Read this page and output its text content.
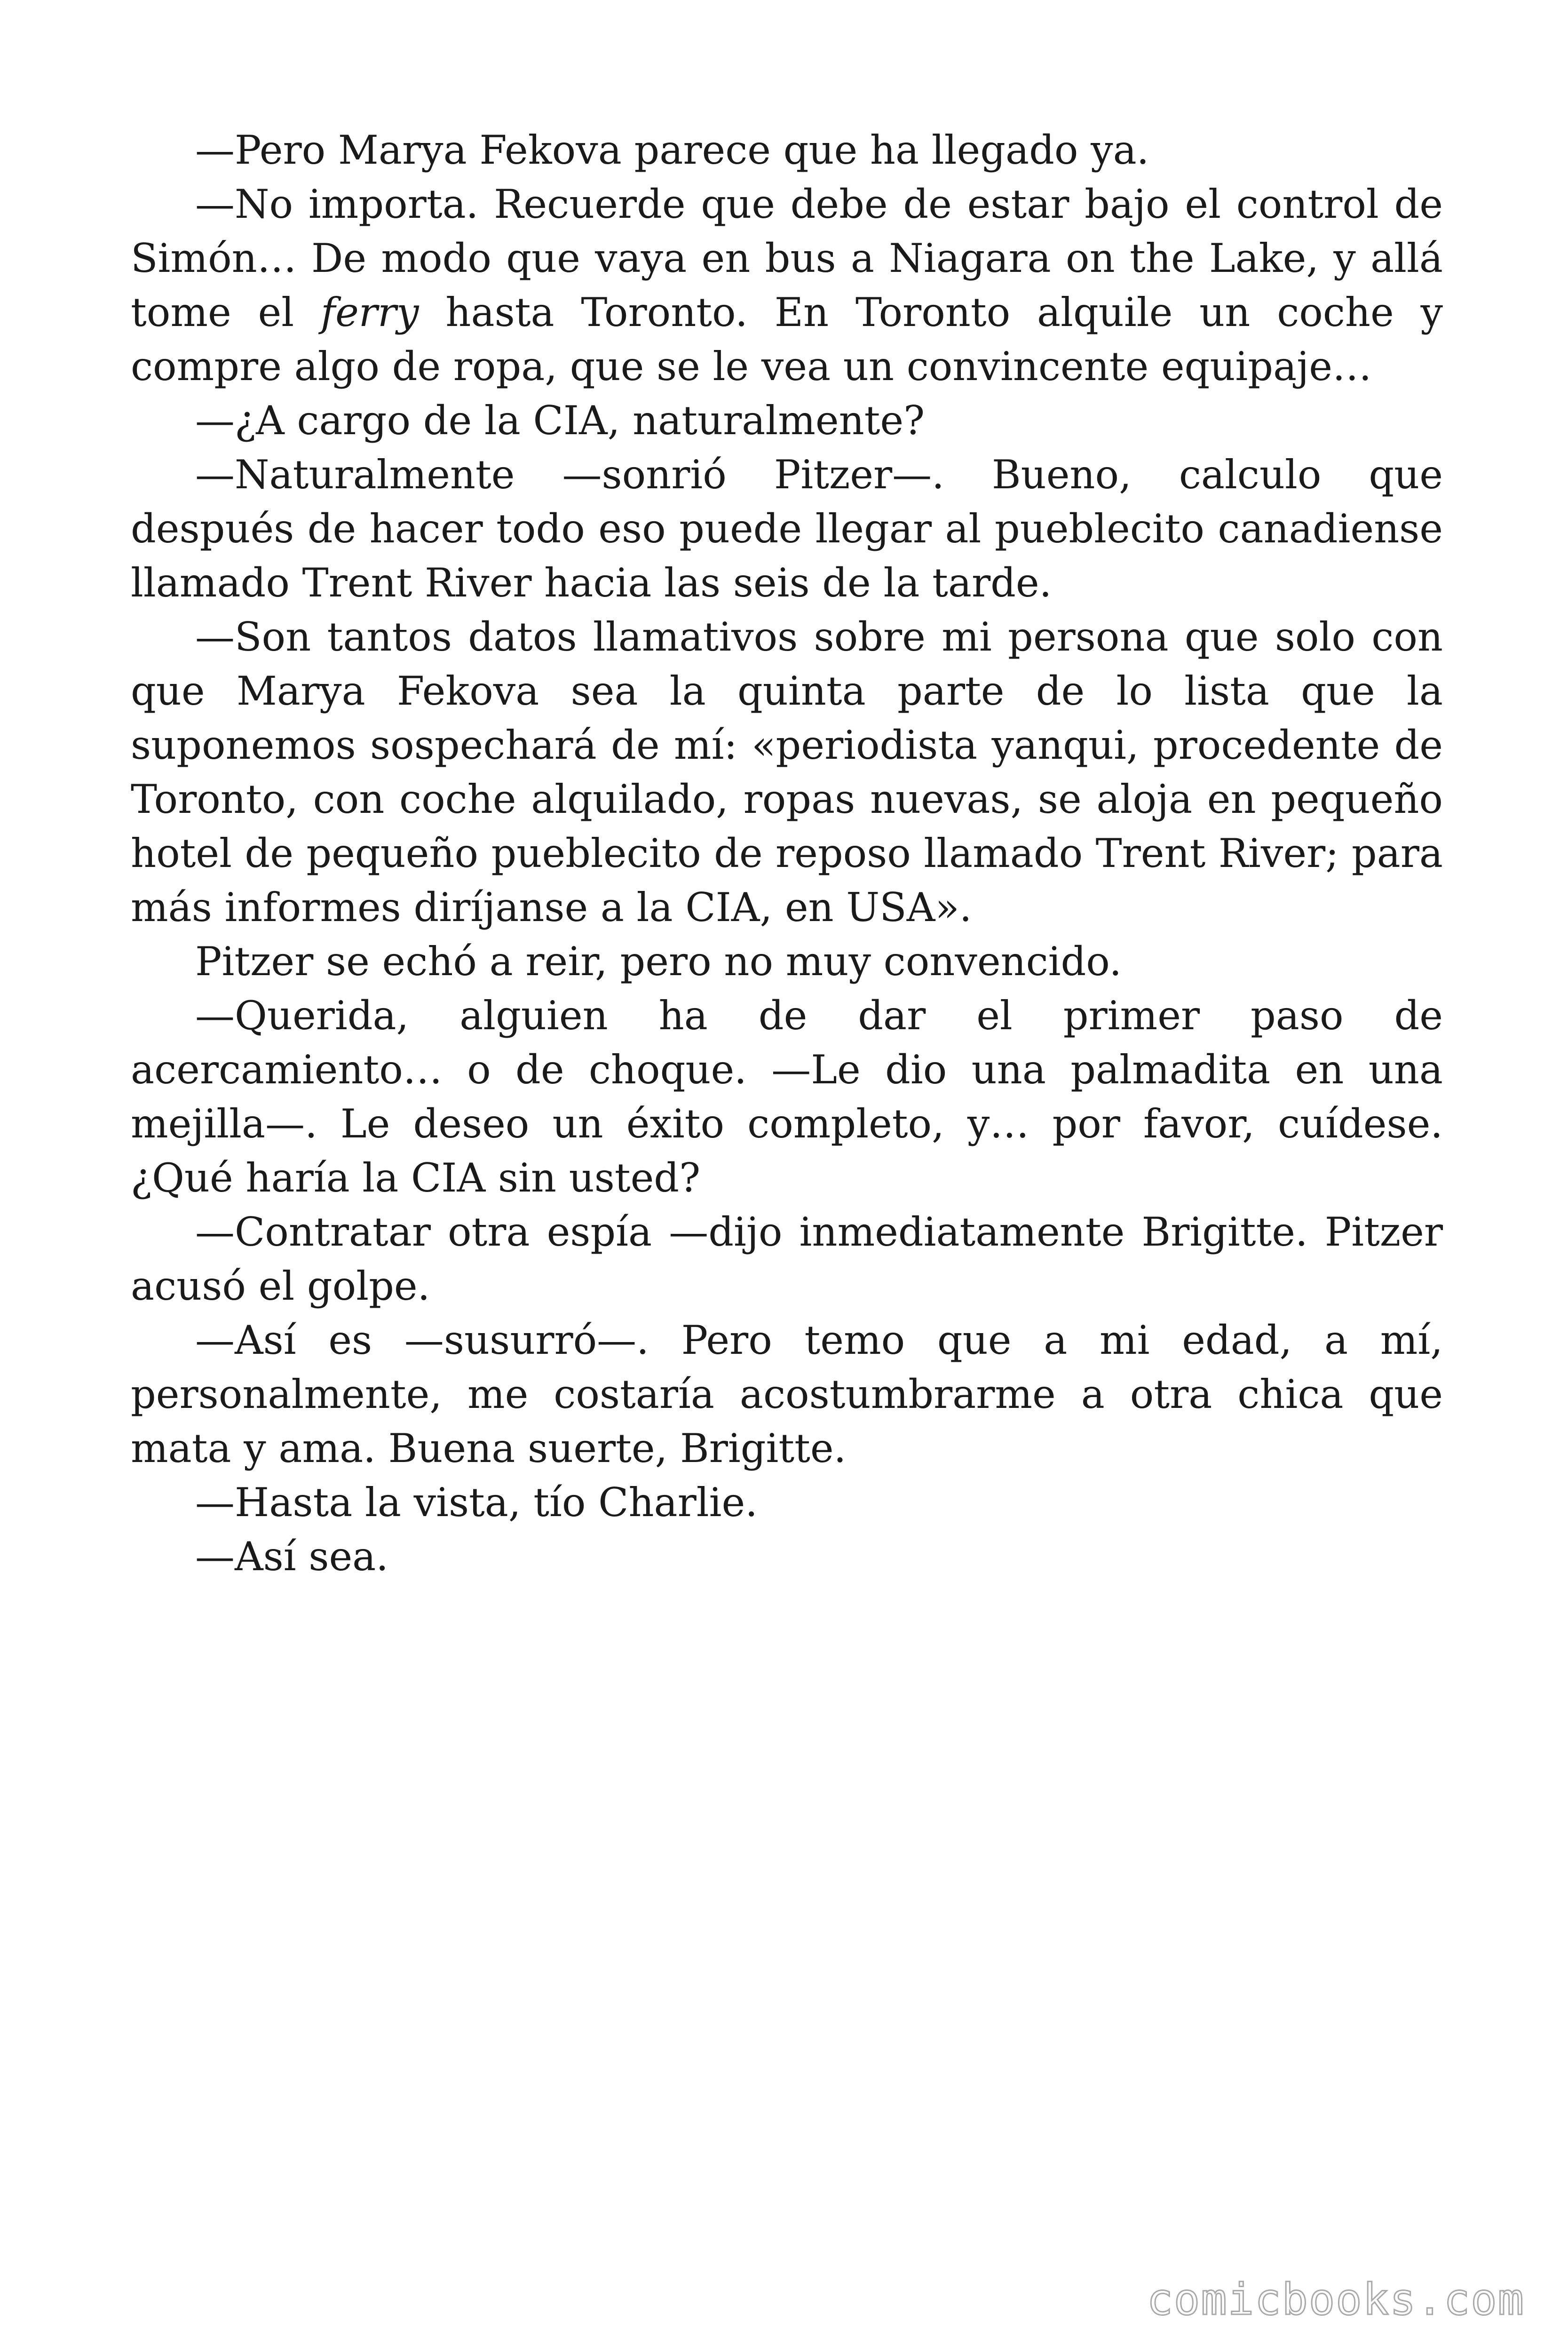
—Pero Marya Fekova parece que ha llegado ya.

—No importa. Recuerde que debe de estar bajo el control de Simón… De modo que vaya en bus a Niagara on the Lake, y allá tome el ferry hasta Toronto. En Toronto alquile un coche y compre algo de ropa, que se le vea un convincente equipaje…

—¿A cargo de la CIA, naturalmente?

—Naturalmente —sonrió Pitzer—. Bueno, calculo que después de hacer todo eso puede llegar al pueblecito canadiense llamado Trent River hacia las seis de la tarde.

—Son tantos datos llamativos sobre mi persona que solo con que Marya Fekova sea la quinta parte de lo lista que la suponemos sospechará de mí: «periodista yanqui, procedente de Toronto, con coche alquilado, ropas nuevas, se aloja en pequeño hotel de pequeño pueblecito de reposo llamado Trent River; para más informes diríjanse a la CIA, en USA».

Pitzer se echó a reir, pero no muy convencido.

—Querida, alguien ha de dar el primer paso de acercamiento… o de choque. —Le dio una palmadita en una mejilla—. Le deseo un éxito completo, y… por favor, cuídese. ¿Qué haría la CIA sin usted?

—Contratar otra espía —dijo inmediatamente Brigitte. Pitzer acusó el golpe.

—Así es —susurró—. Pero temo que a mi edad, a mí, personalmente, me costaría acostumbrarme a otra chica que mata y ama. Buena suerte, Brigitte.

—Hasta la vista, tío Charlie.

—Así sea.

comicbooks.com
